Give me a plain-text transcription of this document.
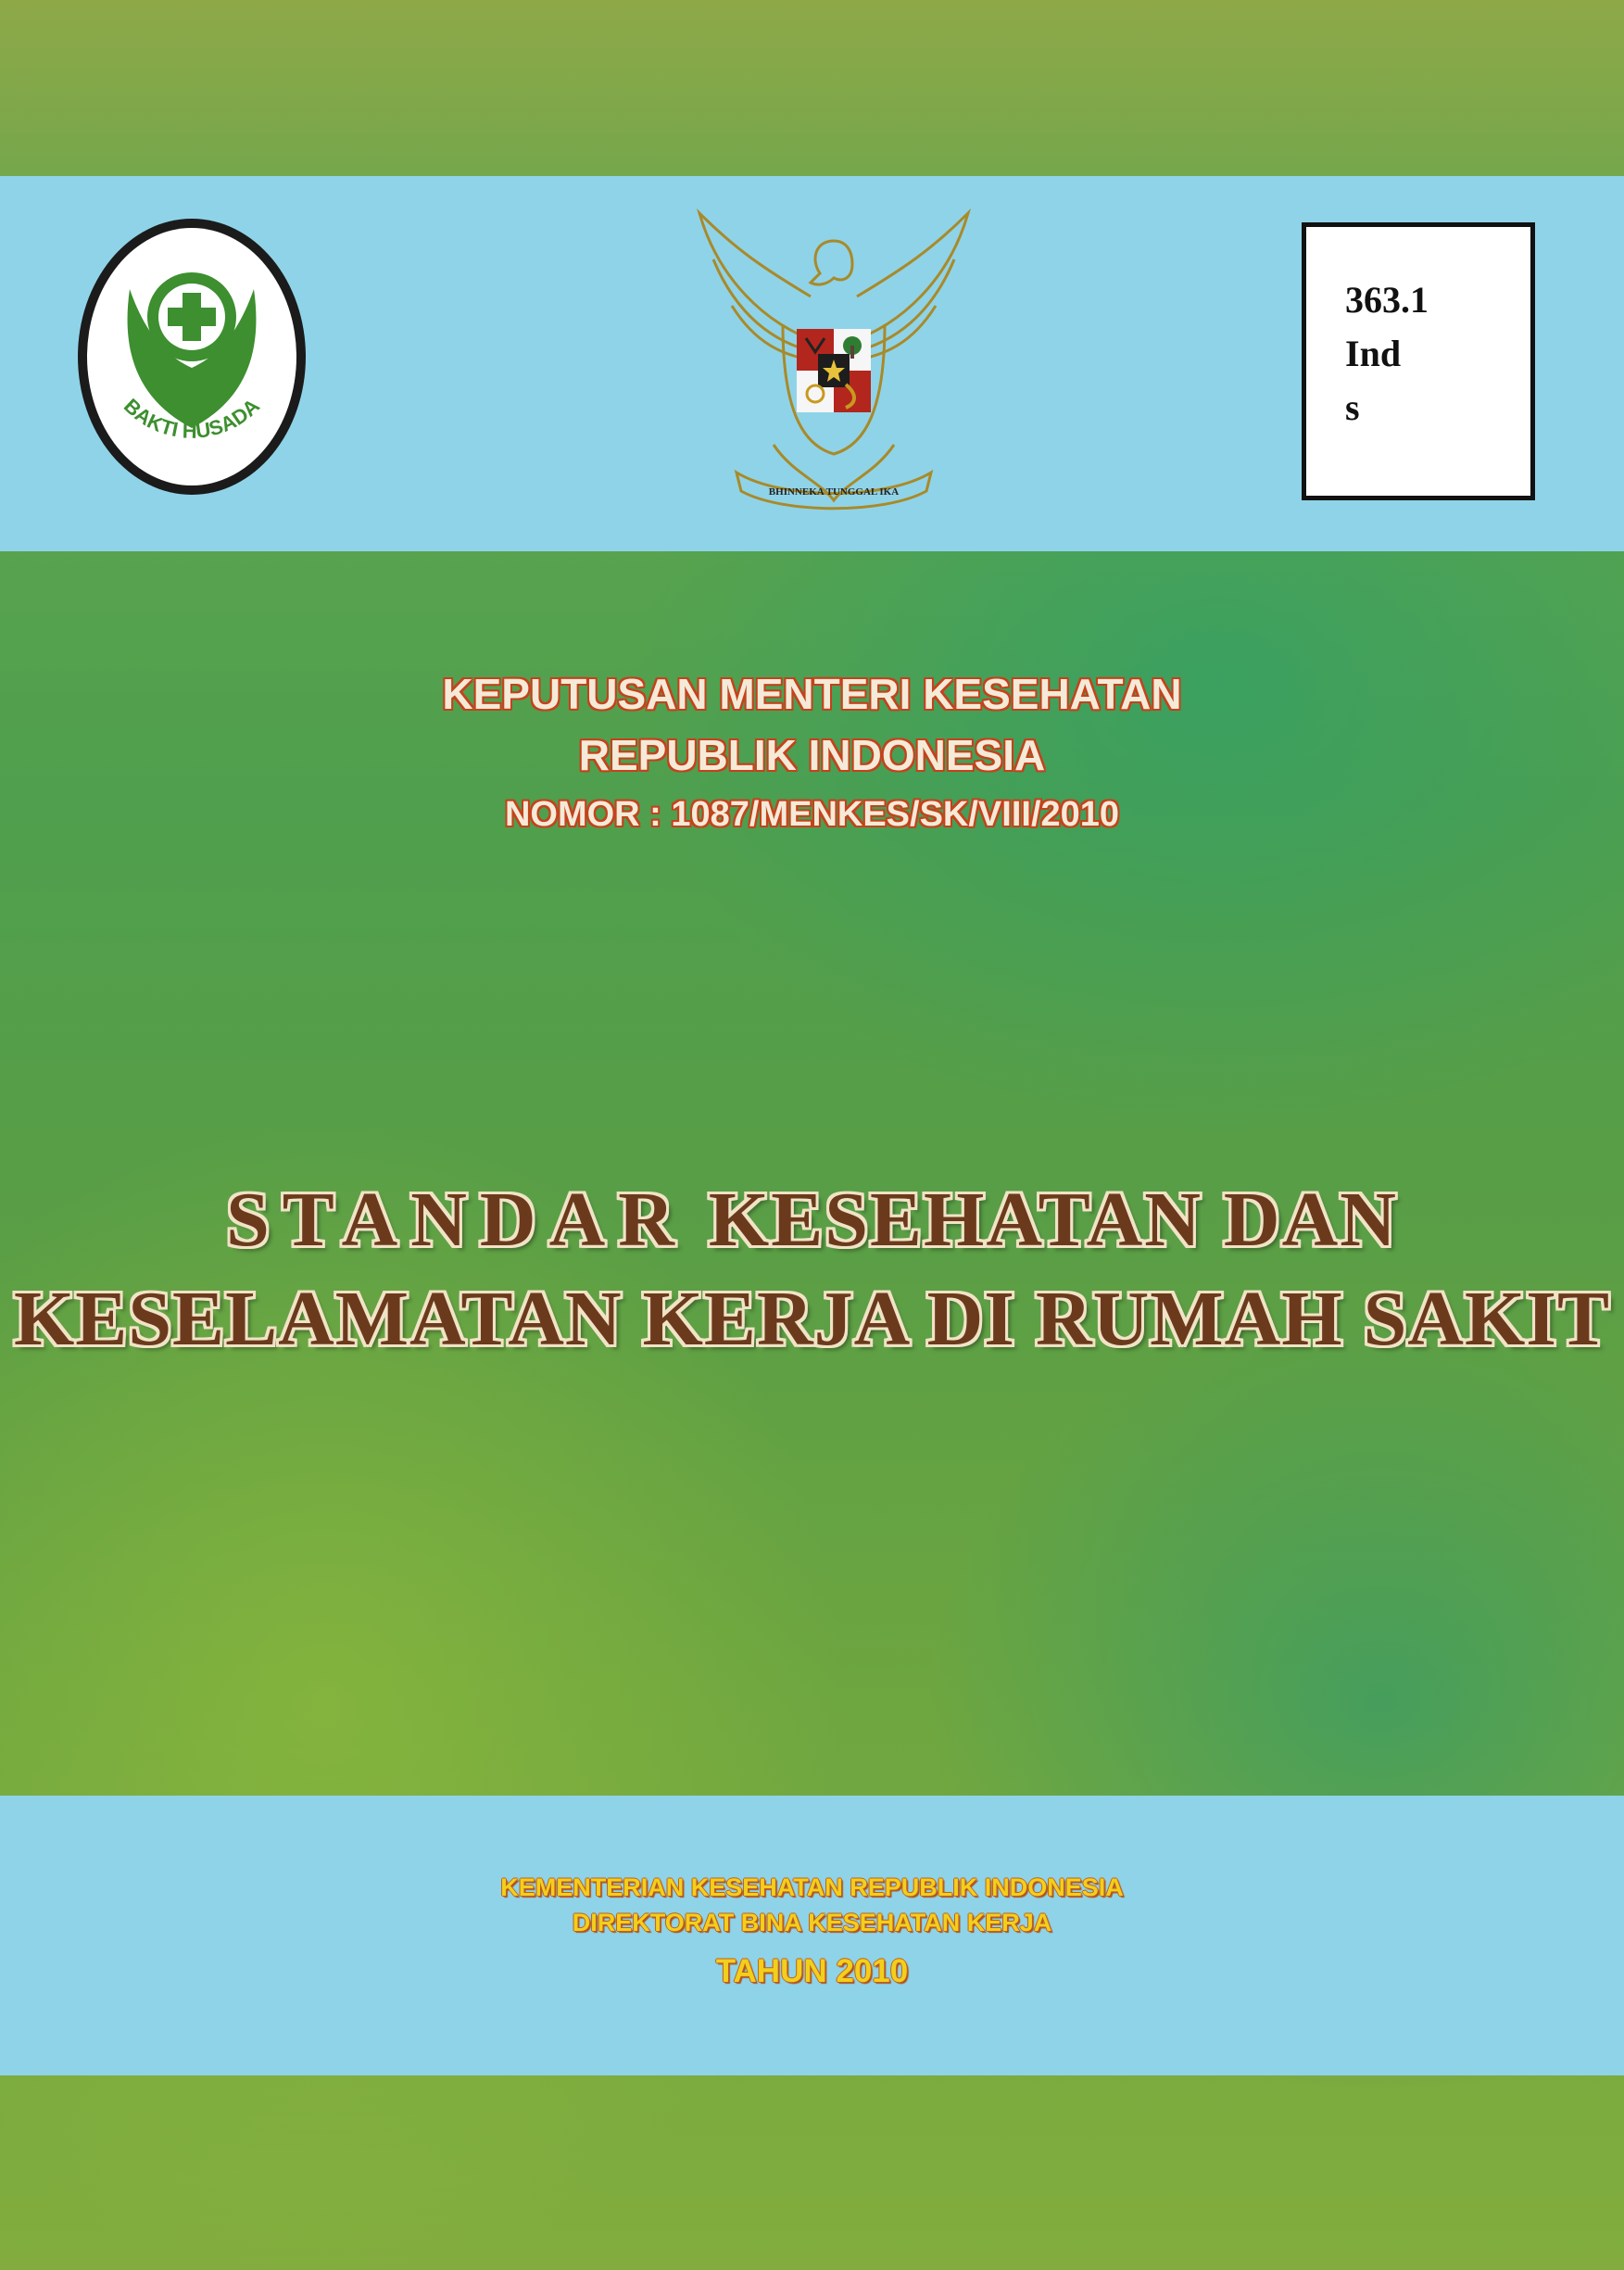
BAKTI HUSADA
BHINNEKA TUNGGAL IKA
363.1
Ind
s
KEPUTUSAN MENTERI KESEHATAN
REPUBLIK INDONESIA
NOMOR : 1087/MENKES/SK/VIII/2010
STANDAR KESEHATAN DAN
KESELAMATAN KERJA DI RUMAH SAKIT
KEMENTERIAN KESEHATAN REPUBLIK INDONESIA
DIREKTORAT BINA KESEHATAN KERJA
TAHUN 2010
